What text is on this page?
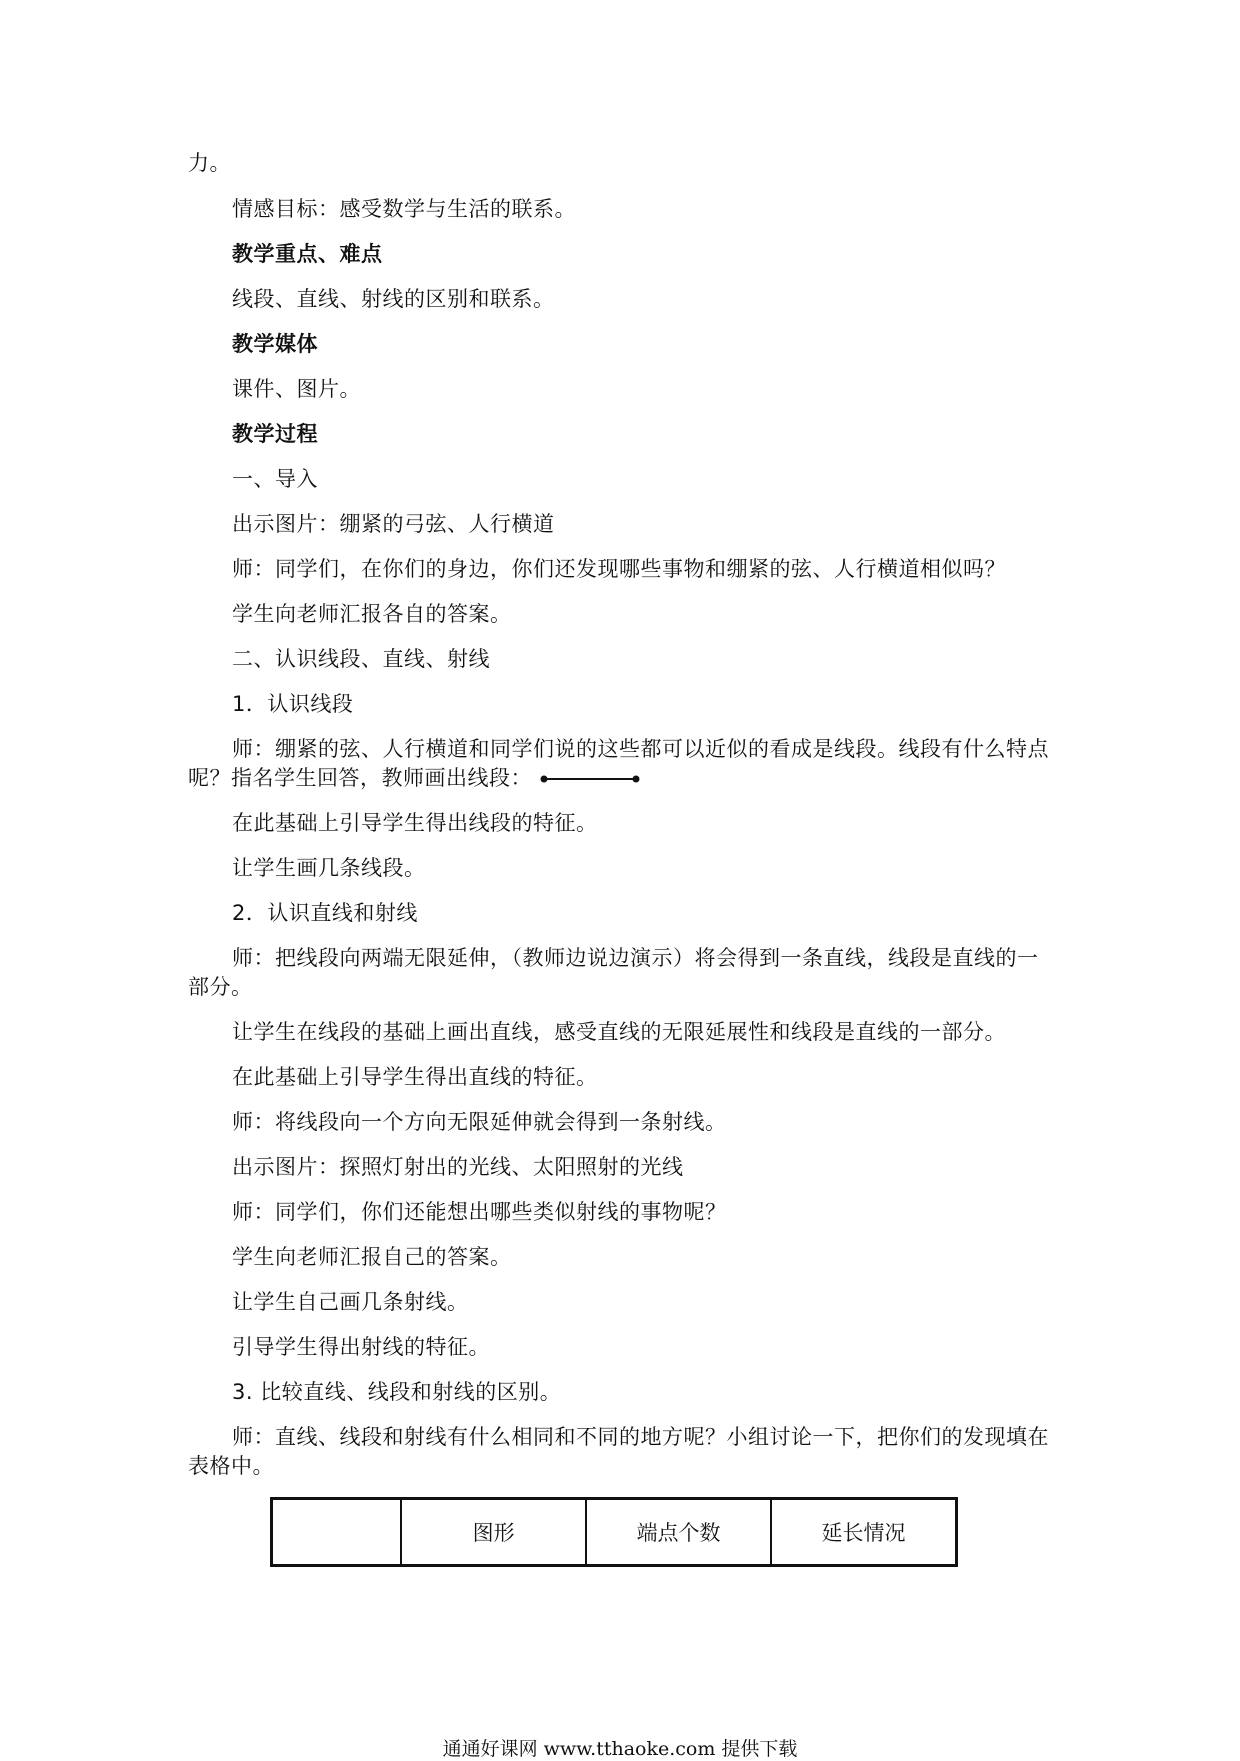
力。
情感目标：感受数学与生活的联系。
教学重点、难点
线段、直线、射线的区别和联系。
教学媒体
课件、图片。
教学过程
一、导入
出示图片：绷紧的弓弦、人行横道
师：同学们，在你们的身边，你们还发现哪些事物和绷紧的弦、人行横道相似吗？
学生向老师汇报各自的答案。
二、认识线段、直线、射线
1．认识线段
师：绷紧的弦、人行横道和同学们说的这些都可以近似的看成是线段。线段有什么特点
呢？指名学生回答，教师画出线段：
在此基础上引导学生得出线段的特征。
让学生画几条线段。
2．认识直线和射线
师：把线段向两端无限延伸，（教师边说边演示）将会得到一条直线，线段是直线的一
部分。
让学生在线段的基础上画出直线，感受直线的无限延展性和线段是直线的一部分。
在此基础上引导学生得出直线的特征。
师：将线段向一个方向无限延伸就会得到一条射线。
出示图片：探照灯射出的光线、太阳照射的光线
师：同学们，你们还能想出哪些类似射线的事物呢？
学生向老师汇报自己的答案。
让学生自己画几条射线。
引导学生得出射线的特征。
3. 比较直线、线段和射线的区别。
师：直线、线段和射线有什么相同和不同的地方呢？小组讨论一下，把你们的发现填在
表格中。
	图形	端点个数	延长情况
通通好课网 www.tthaoke.com 提供下载
